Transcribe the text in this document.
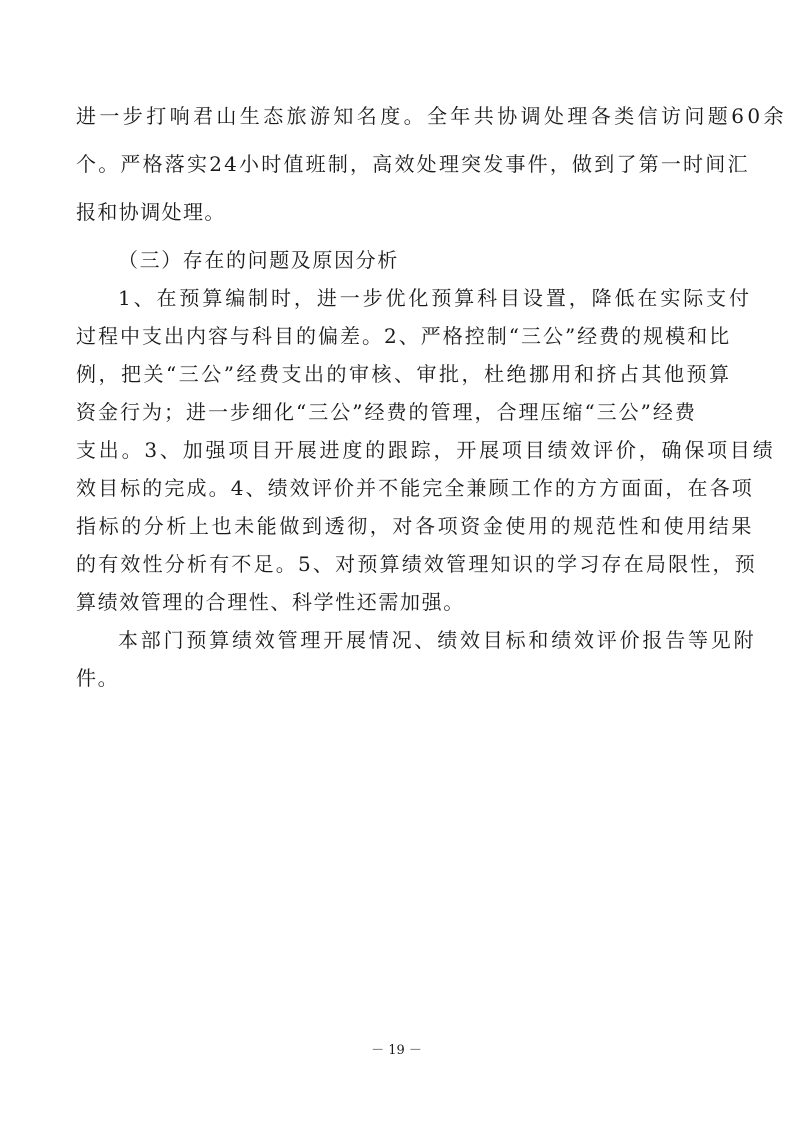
进一步打响君山生态旅游知名度。全年共协调处理各类信访问题60余
个。严格落实24小时值班制，高效处理突发事件，做到了第一时间汇
报和协调处理。
（三）存在的问题及原因分析
1、在预算编制时，进一步优化预算科目设置，降低在实际支付
过程中支出内容与科目的偏差。2、严格控制“三公”经费的规模和比
例，把关“三公”经费支出的审核、审批，杜绝挪用和挤占其他预算
资金行为；进一步细化“三公”经费的管理，合理压缩“三公”经费
支出。3、加强项目开展进度的跟踪，开展项目绩效评价，确保项目绩
效目标的完成。4、绩效评价并不能完全兼顾工作的方方面面，在各项
指标的分析上也未能做到透彻，对各项资金使用的规范性和使用结果
的有效性分析有不足。5、对预算绩效管理知识的学习存在局限性，预
算绩效管理的合理性、科学性还需加强。
本部门预算绩效管理开展情况、绩效目标和绩效评价报告等见附
件。
－ 19 －
